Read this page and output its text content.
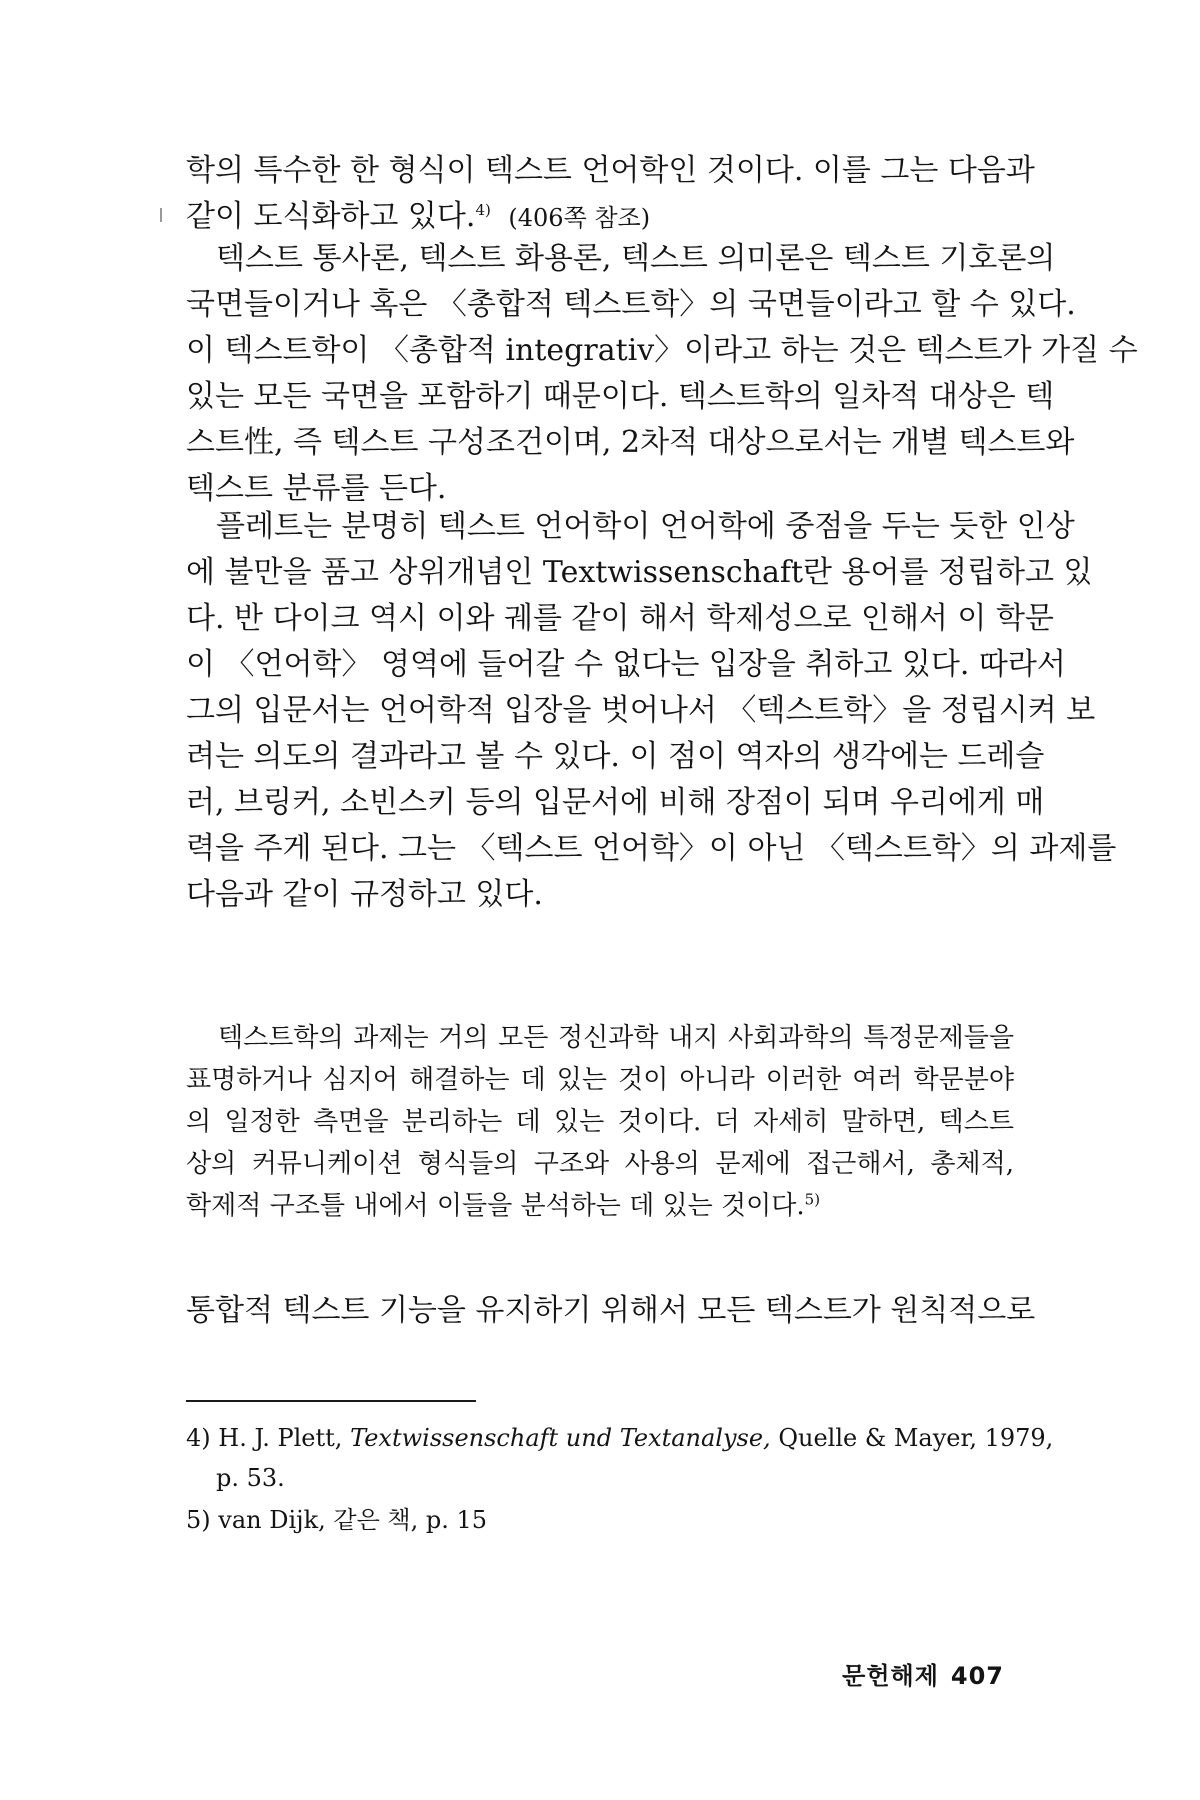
학의 특수한 한 형식이 텍스트 언어학인 것이다. 이를 그는 다음과
같이 도식화하고 있다.$^{4)}$ (406쪽 참조)
텍스트 통사론, 텍스트 화용론, 텍스트 의미론은 텍스트 기호론의
국면들이거나 혹은 〈총합적 텍스트학〉의 국면들이라고 할 수 있다.
이 텍스트학이 〈총합적 integrativ〉이라고 하는 것은 텍스트가 가질 수
있는 모든 국면을 포함하기 때문이다. 텍스트학의 일차적 대상은 텍
스트性, 즉 텍스트 구성조건이며, 2차적 대상으로서는 개별 텍스트와
텍스트 분류를 든다.
플레트는 분명히 텍스트 언어학이 언어학에 중점을 두는 듯한 인상
에 불만을 품고 상위개념인 Textwissenschaft란 용어를 정립하고 있
다. 반 다이크 역시 이와 궤를 같이 해서 학제성으로 인해서 이 학문
이 〈언어학〉 영역에 들어갈 수 없다는 입장을 취하고 있다. 따라서
그의 입문서는 언어학적 입장을 벗어나서 〈텍스트학〉을 정립시켜 보
려는 의도의 결과라고 볼 수 있다. 이 점이 역자의 생각에는 드레슬
러, 브링커, 소빈스키 등의 입문서에 비해 장점이 되며 우리에게 매
력을 주게 된다. 그는 〈텍스트 언어학〉이 아닌 〈텍스트학〉의 과제를
다음과 같이 규정하고 있다.
텍스트학의 과제는 거의 모든 정신과학 내지 사회과학의 특정문제들을
표명하거나 심지어 해결하는 데 있는 것이 아니라 이러한 여러 학문분야
의 일정한 측면을 분리하는 데 있는 것이다. 더 자세히 말하면, 텍스트
상의 커뮤니케이션 형식들의 구조와 사용의 문제에 접근해서, 총체적,
학제적 구조틀 내에서 이들을 분석하는 데 있는 것이다.$^{5)}$
통합적 텍스트 기능을 유지하기 위해서 모든 텍스트가 원칙적으로
4) H. J. Plett, Textwissenschaft und Textanalyse, Quelle & Mayer, 1979,
p. 53.
5) van Dijk, 같은 책, p. 15
문헌해제 407
